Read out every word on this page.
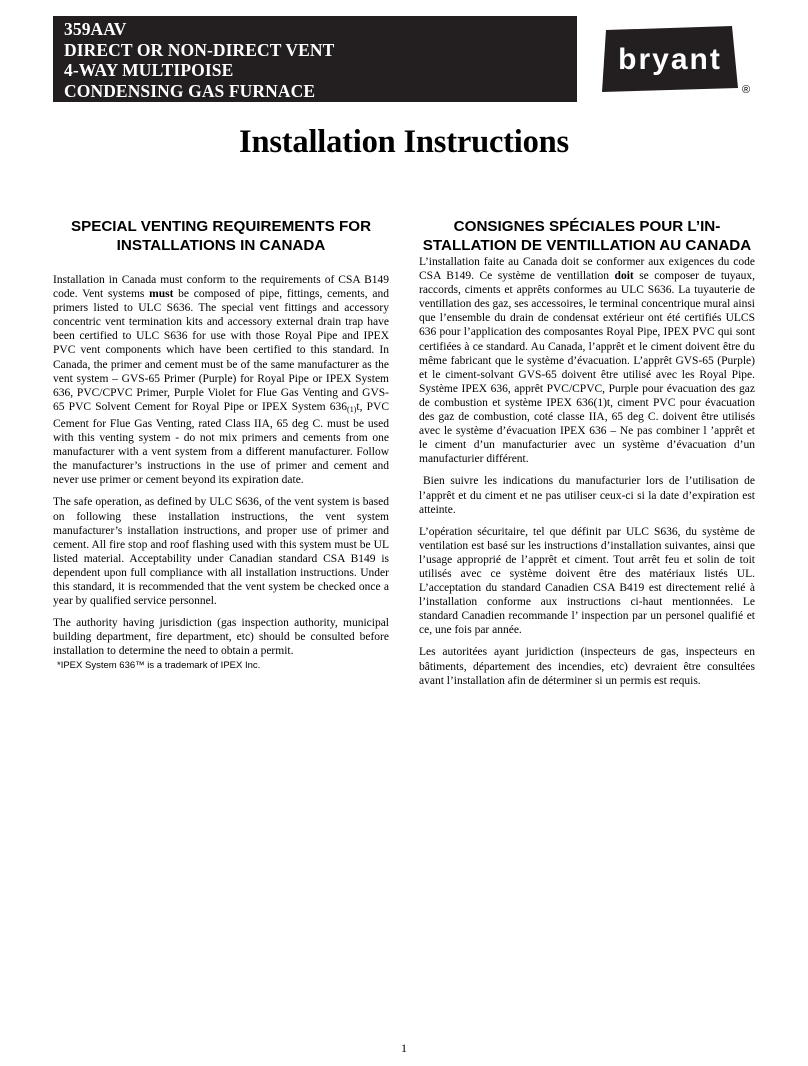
359AAV
DIRECT OR NON-DIRECT VENT
4-WAY MULTIPOISE
CONDENSING GAS FURNACE
bryant
®
Installation Instructions
SPECIAL VENTING REQUIREMENTS FOR INSTALLATIONS IN CANADA

Installation in Canada must conform to the requirements of CSA B149 code. Vent systems must be composed of pipe, fittings, cements, and primers listed to ULC S636. The special vent fittings and accessory concentric vent termination kits and accessory external drain trap have been certified to ULC S636 for use with those Royal Pipe and IPEX PVC vent components which have been certified to this standard. In Canada, the primer and cement must be of the same manufacturer as the vent system – GVS-65 Primer (Purple) for Royal Pipe or IPEX System 636, PVC/CPVC Primer, Purple Violet for Flue Gas Venting and GVS-65 PVC Solvent Cement for Royal Pipe or IPEX System $636_{(1)}t$, PVC Cement for Flue Gas Venting, rated Class IIA, 65 deg C. must be used with this venting system - do not mix primers and cements from one manufacturer with a vent system from a different manufacturer. Follow the manufacturer’s instructions in the use of primer and cement and never use primer or cement beyond its expiration date.

The safe operation, as defined by ULC S636, of the vent system is based on following these installation instructions, the vent system manufacturer’s installation instructions, and proper use of primer and cement. All fire stop and roof flashing used with this system must be UL listed material. Acceptability under Canadian standard CSA B149 is dependent upon full compliance with all installation instructions. Under this standard, it is recommended that the vent system be checked once a year by qualified service personnel.

The authority having jurisdiction (gas inspection authority, municipal building department, fire department, etc) should be consulted before installation to determine the need to obtain a permit.

*IPEX System 636™ is a trademark of IPEX Inc.
CONSIGNES SPÉCIALES POUR L’IN-STALLATION DE VENTILLATION AU CANADA

L’installation faite au Canada doit se conformer aux exigences du code CSA B149. Ce système de ventillation doit se composer de tuyaux, raccords, ciments et apprêts conformes au ULC S636. La tuyauterie de ventillation des gaz, ses accessoires, le terminal concentrique mural ainsi que l’ensemble du drain de condensat extérieur ont été certifiés ULCS 636 pour l’application des composantes Royal Pipe, IPEX PVC qui sont certifiées à ce standard. Au Canada, l’apprêt et le ciment doivent être du même fabricant que le système d’évacuation. L’apprêt GVS-65 (Purple) et le ciment-solvant GVS-65 doivent être utilisé avec les Royal Pipe. Système IPEX 636, apprêt PVC/CPVC, Purple pour évacuation des gaz de combustion et système IPEX 636(1)t, ciment PVC pour évacuation des gaz de combustion, coté classe IIA, 65 deg C. doivent être utilisés avec le système d’évacuation IPEX 636 – Ne pas combiner l ’apprêt et le ciment d’un manufacturier avec un système d’évacuation d’un manufacturier différent.

Bien suivre les indications du manufacturier lors de l’utilisation de l’apprêt et du ciment et ne pas utiliser ceux-ci si la date d’expiration est atteinte.

L’opération sécuritaire, tel que définit par ULC S636, du système de ventilation est basé sur les instructions d’installation suivantes, ainsi que l’usage approprié de l’apprêt et ciment. Tout arrêt feu et solin de toit utilisés avec ce système doivent être des matériaux listés UL. L’acceptation du standard Canadien CSA B419 est directement relié à l’installation conforme aux instructions ci-haut mentionnées. Le standard Canadien recommande l’ inspection par un personel qualifié et ce, une fois par année.

Les autoritées ayant juridiction (inspecteurs de gas, inspecteurs en bâtiments, département des incendies, etc) devraient être consultées avant l’installation afin de déterminer si un permis est requis.

1
